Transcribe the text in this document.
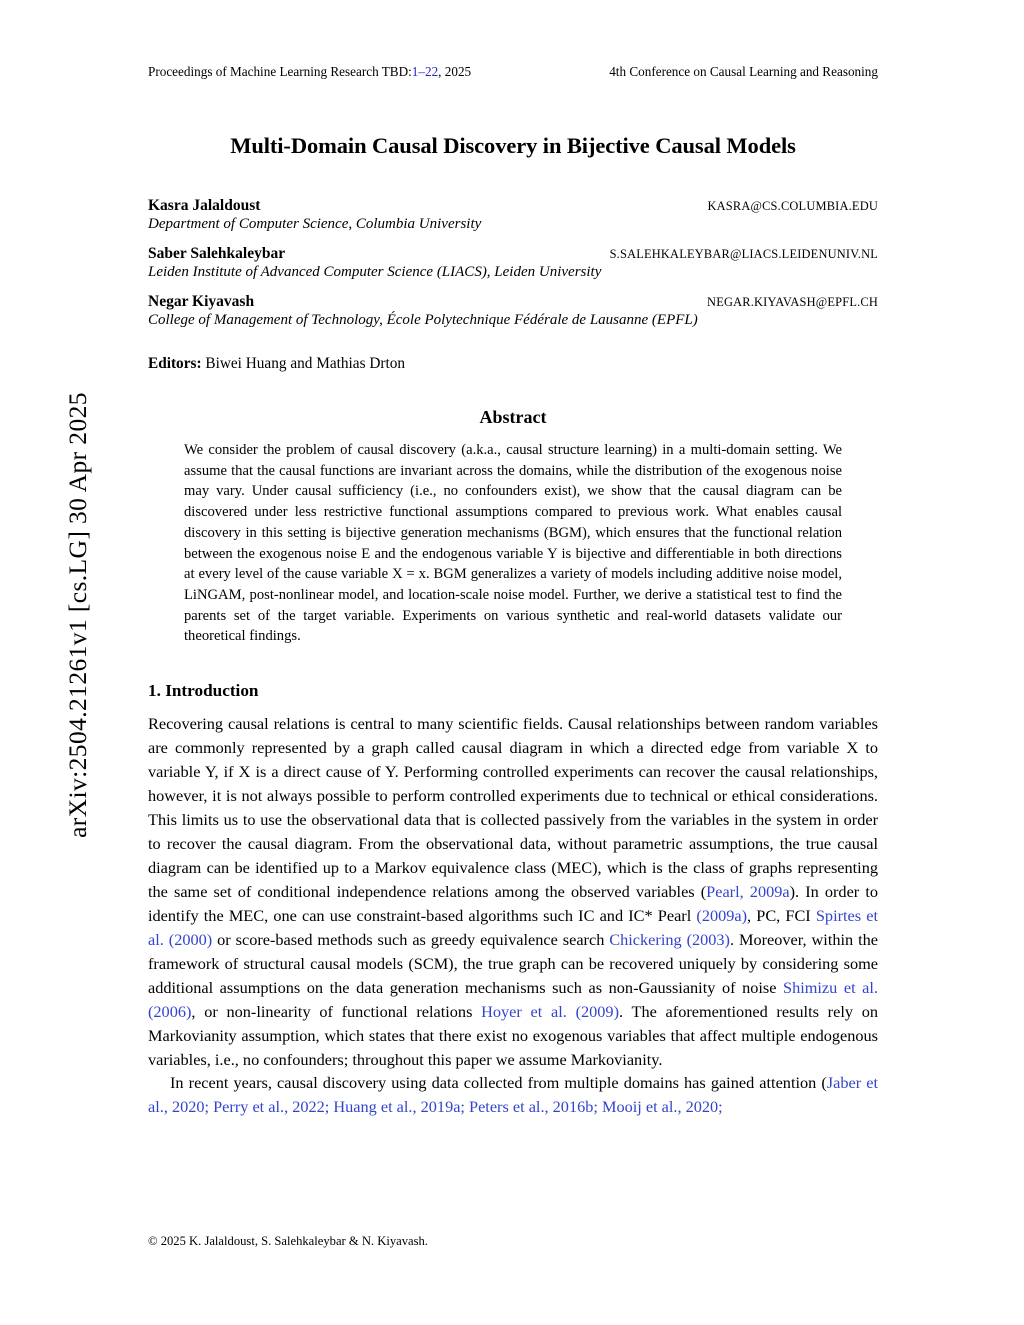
arXiv:2504.21261v1 [cs.LG] 30 Apr 2025
Proceedings of Machine Learning Research TBD:1–22, 2025	4th Conference on Causal Learning and Reasoning
Multi-Domain Causal Discovery in Bijective Causal Models
Kasra Jalaldoust	KASRA@CS.COLUMBIA.EDU
Department of Computer Science, Columbia University
Saber Salehkaleybar	S.SALEHKALEYBAR@LIACS.LEIDENUNIV.NL
Leiden Institute of Advanced Computer Science (LIACS), Leiden University
Negar Kiyavash	NEGAR.KIYAVASH@EPFL.CH
College of Management of Technology, École Polytechnique Fédérale de Lausanne (EPFL)
Editors: Biwei Huang and Mathias Drton
Abstract
We consider the problem of causal discovery (a.k.a., causal structure learning) in a multi-domain setting. We assume that the causal functions are invariant across the domains, while the distribution of the exogenous noise may vary. Under causal sufficiency (i.e., no confounders exist), we show that the causal diagram can be discovered under less restrictive functional assumptions compared to previous work. What enables causal discovery in this setting is bijective generation mechanisms (BGM), which ensures that the functional relation between the exogenous noise E and the endogenous variable Y is bijective and differentiable in both directions at every level of the cause variable X = x. BGM generalizes a variety of models including additive noise model, LiNGAM, post-nonlinear model, and location-scale noise model. Further, we derive a statistical test to find the parents set of the target variable. Experiments on various synthetic and real-world datasets validate our theoretical findings.
1. Introduction
Recovering causal relations is central to many scientific fields. Causal relationships between random variables are commonly represented by a graph called causal diagram in which a directed edge from variable X to variable Y, if X is a direct cause of Y. Performing controlled experiments can recover the causal relationships, however, it is not always possible to perform controlled experiments due to technical or ethical considerations. This limits us to use the observational data that is collected passively from the variables in the system in order to recover the causal diagram. From the observational data, without parametric assumptions, the true causal diagram can be identified up to a Markov equivalence class (MEC), which is the class of graphs representing the same set of conditional independence relations among the observed variables (Pearl, 2009a). In order to identify the MEC, one can use constraint-based algorithms such IC and IC* Pearl (2009a), PC, FCI Spirtes et al. (2000) or score-based methods such as greedy equivalence search Chickering (2003). Moreover, within the framework of structural causal models (SCM), the true graph can be recovered uniquely by considering some additional assumptions on the data generation mechanisms such as non-Gaussianity of noise Shimizu et al. (2006), or non-linearity of functional relations Hoyer et al. (2009). The aforementioned results rely on Markovianity assumption, which states that there exist no exogenous variables that affect multiple endogenous variables, i.e., no confounders; throughout this paper we assume Markovianity.
In recent years, causal discovery using data collected from multiple domains has gained attention (Jaber et al., 2020; Perry et al., 2022; Huang et al., 2019a; Peters et al., 2016b; Mooij et al., 2020;
© 2025 K. Jalaldoust, S. Salehkaleybar & N. Kiyavash.
